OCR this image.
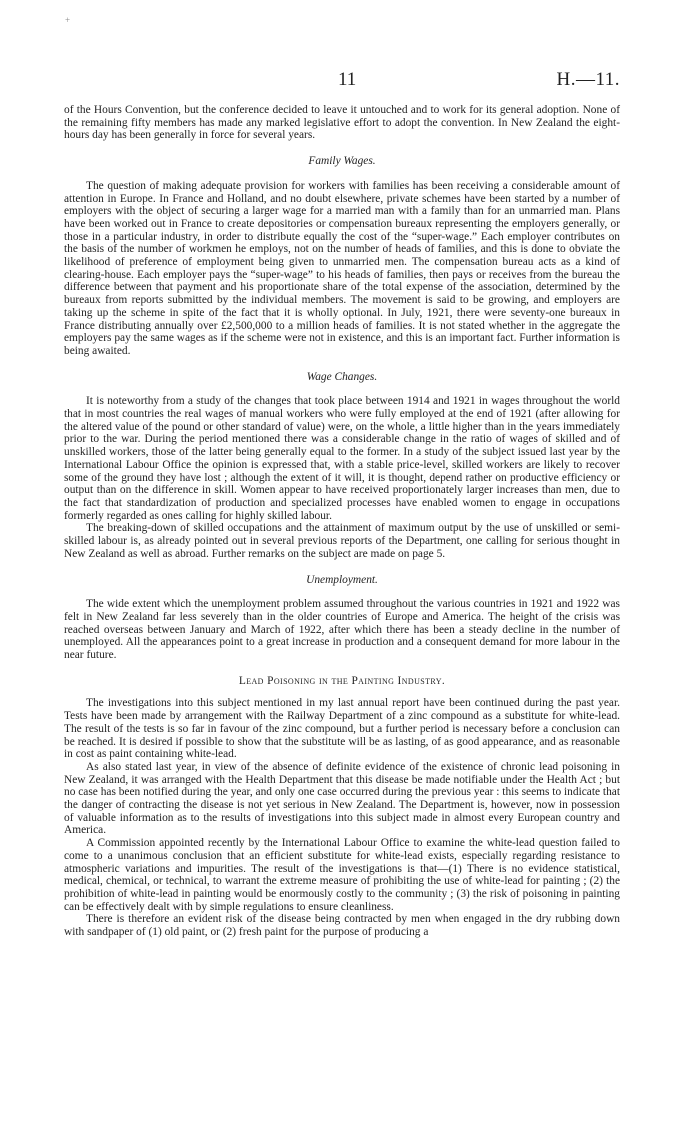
+
11	H.—11.

of the Hours Convention, but the conference decided to leave it untouched and to work for its general adoption. None of the remaining fifty members has made any marked legislative effort to adopt the convention. In New Zealand the eight-hours day has been generally in force for several years.

Family Wages.

The question of making adequate provision for workers with families has been receiving a considerable amount of attention in Europe. In France and Holland, and no doubt elsewhere, private schemes have been started by a number of employers with the object of securing a larger wage for a married man with a family than for an unmarried man. Plans have been worked out in France to create depositories or compensation bureaux representing the employers generally, or those in a particular industry, in order to distribute equally the cost of the “super-wage.” Each employer contributes on the basis of the number of workmen he employs, not on the number of heads of families, and this is done to obviate the likelihood of preference of employment being given to unmarried men. The compensation bureau acts as a kind of clearing-house. Each employer pays the “super-wage” to his heads of families, then pays or receives from the bureau the difference between that payment and his proportionate share of the total expense of the association, determined by the bureaux from reports submitted by the individual members. The movement is said to be growing, and employers are taking up the scheme in spite of the fact that it is wholly optional. In July, 1921, there were seventy-one bureaux in France distributing annually over £2,500,000 to a million heads of families. It is not stated whether in the aggregate the employers pay the same wages as if the scheme were not in existence, and this is an important fact. Further information is being awaited.

Wage Changes.

It is noteworthy from a study of the changes that took place between 1914 and 1921 in wages throughout the world that in most countries the real wages of manual workers who were fully employed at the end of 1921 (after allowing for the altered value of the pound or other standard of value) were, on the whole, a little higher than in the years immediately prior to the war. During the period mentioned there was a considerable change in the ratio of wages of skilled and of unskilled workers, those of the latter being generally equal to the former. In a study of the subject issued last year by the International Labour Office the opinion is expressed that, with a stable price-level, skilled workers are likely to recover some of the ground they have lost ; although the extent of it will, it is thought, depend rather on productive efficiency or output than on the difference in skill. Women appear to have received proportionately larger increases than men, due to the fact that standardization of production and specialized processes have enabled women to engage in occupations formerly regarded as ones calling for highly skilled labour.

The breaking-down of skilled occupations and the attainment of maximum output by the use of unskilled or semi-skilled labour is, as already pointed out in several previous reports of the Department, one calling for serious thought in New Zealand as well as abroad. Further remarks on the subject are made on page 5.

Unemployment.

The wide extent which the unemployment problem assumed throughout the various countries in 1921 and 1922 was felt in New Zealand far less severely than in the older countries of Europe and America. The height of the crisis was reached overseas between January and March of 1922, after which there has been a steady decline in the number of unemployed. All the appearances point to a great increase in production and a consequent demand for more labour in the near future.

Lead Poisoning in the Painting Industry.

The investigations into this subject mentioned in my last annual report have been continued during the past year. Tests have been made by arrangement with the Railway Department of a zinc compound as a substitute for white-lead. The result of the tests is so far in favour of the zinc compound, but a further period is necessary before a conclusion can be reached. It is desired if possible to show that the substitute will be as lasting, of as good appearance, and as reasonable in cost as paint containing white-lead.

As also stated last year, in view of the absence of definite evidence of the existence of chronic lead poisoning in New Zealand, it was arranged with the Health Department that this disease be made notifiable under the Health Act ; but no case has been notified during the year, and only one case occurred during the previous year : this seems to indicate that the danger of contracting the disease is not yet serious in New Zealand. The Department is, however, now in possession of valuable information as to the results of investigations into this subject made in almost every European country and America.

A Commission appointed recently by the International Labour Office to examine the white-lead question failed to come to a unanimous conclusion that an efficient substitute for white-lead exists, especially regarding resistance to atmospheric variations and impurities. The result of the investigations is that—(1) There is no evidence statistical, medical, chemical, or technical, to warrant the extreme measure of prohibiting the use of white-lead for painting ; (2) the prohibition of white-lead in painting would be enormously costly to the community ; (3) the risk of poisoning in painting can be effectively dealt with by simple regulations to ensure cleanliness.

There is therefore an evident risk of the disease being contracted by men when engaged in the dry rubbing down with sandpaper of (1) old paint, or (2) fresh paint for the purpose of producing a
